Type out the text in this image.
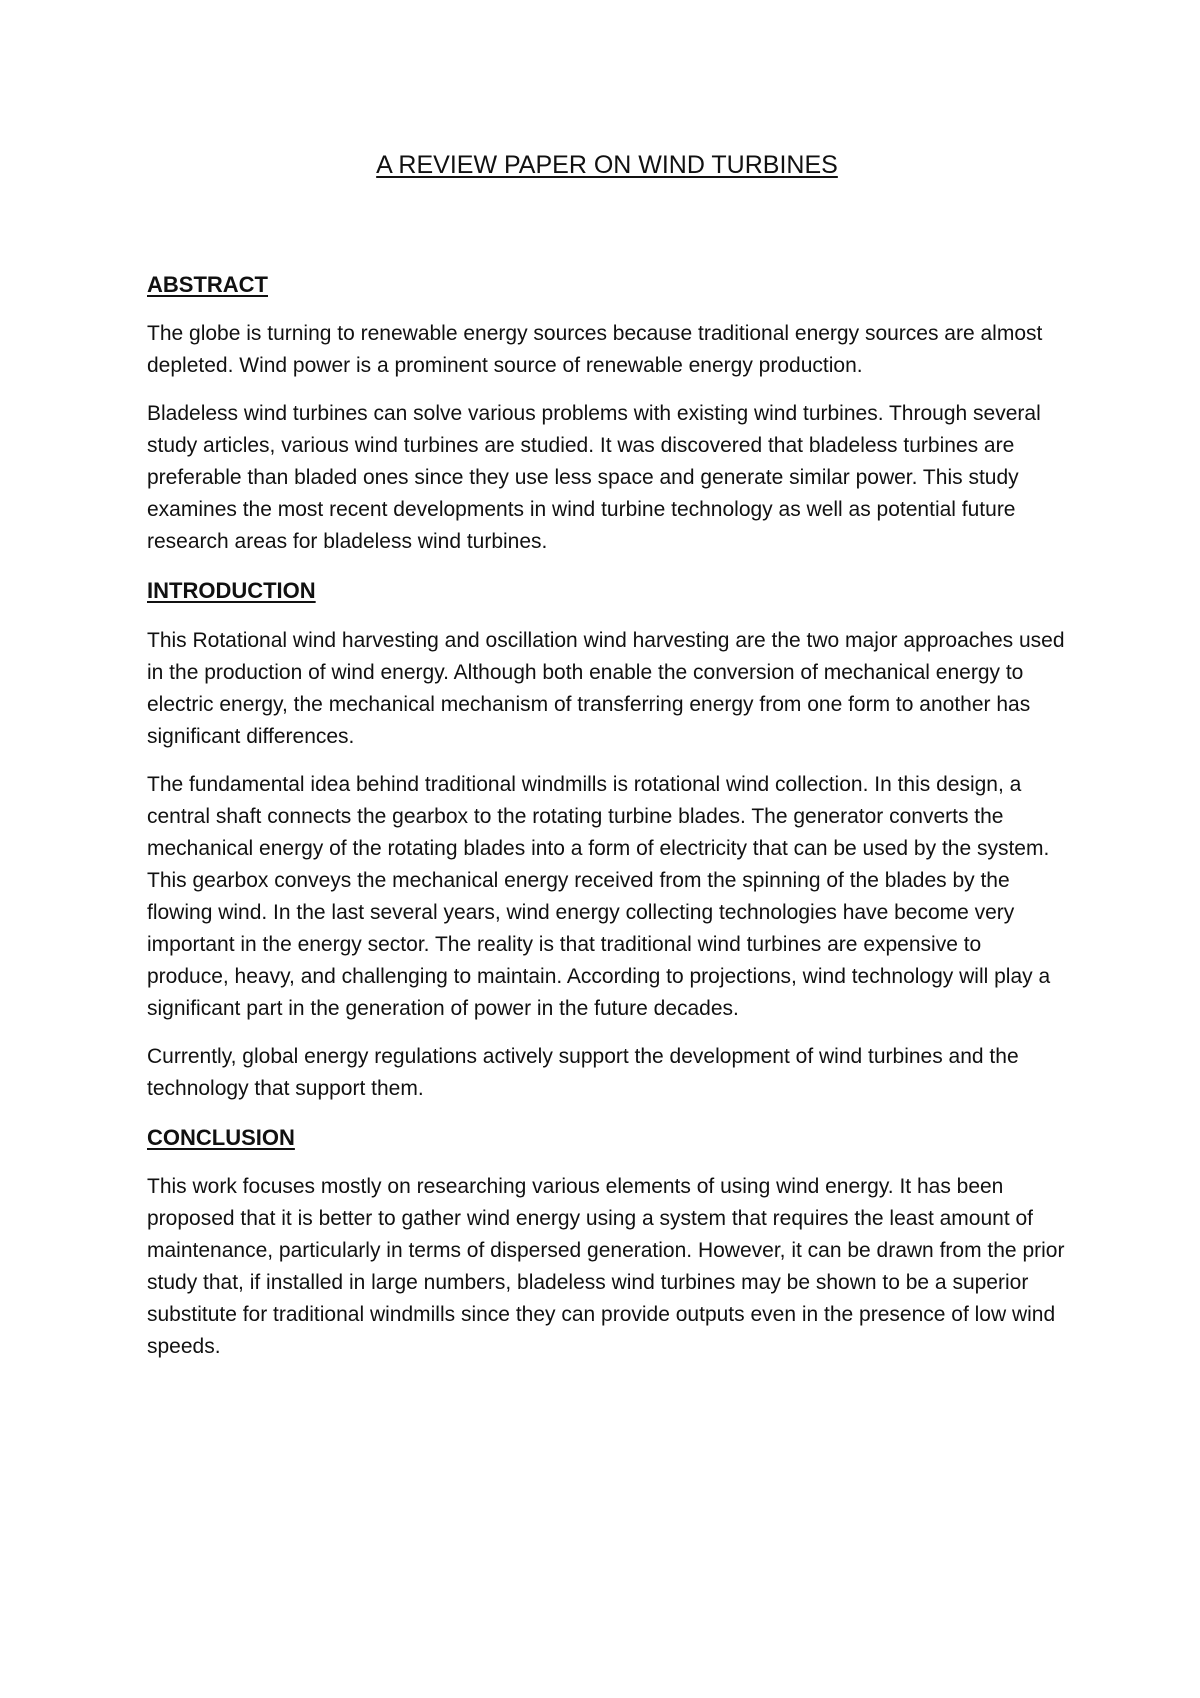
A REVIEW PAPER ON WIND TURBINES
ABSTRACT

The globe is turning to renewable energy sources because traditional energy sources are almost depleted. Wind power is a prominent source of renewable energy production.

Bladeless wind turbines can solve various problems with existing wind turbines. Through several study articles, various wind turbines are studied. It was discovered that bladeless turbines are preferable than bladed ones since they use less space and generate similar power. This study examines the most recent developments in wind turbine technology as well as potential future research areas for bladeless wind turbines.

INTRODUCTION

This Rotational wind harvesting and oscillation wind harvesting are the two major approaches used in the production of wind energy. Although both enable the conversion of mechanical energy to electric energy, the mechanical mechanism of transferring energy from one form to another has significant differences.

The fundamental idea behind traditional windmills is rotational wind collection. In this design, a central shaft connects the gearbox to the rotating turbine blades. The generator converts the mechanical energy of the rotating blades into a form of electricity that can be used by the system. This gearbox conveys the mechanical energy received from the spinning of the blades by the flowing wind. In the last several years, wind energy collecting technologies have become very important in the energy sector. The reality is that traditional wind turbines are expensive to produce, heavy, and challenging to maintain. According to projections, wind technology will play a significant part in the generation of power in the future decades.

Currently, global energy regulations actively support the development of wind turbines and the technology that support them.

CONCLUSION

This work focuses mostly on researching various elements of using wind energy. It has been proposed that it is better to gather wind energy using a system that requires the least amount of maintenance, particularly in terms of dispersed generation. However, it can be drawn from the prior study that, if installed in large numbers, bladeless wind turbines may be shown to be a superior substitute for traditional windmills since they can provide outputs even in the presence of low wind speeds.
